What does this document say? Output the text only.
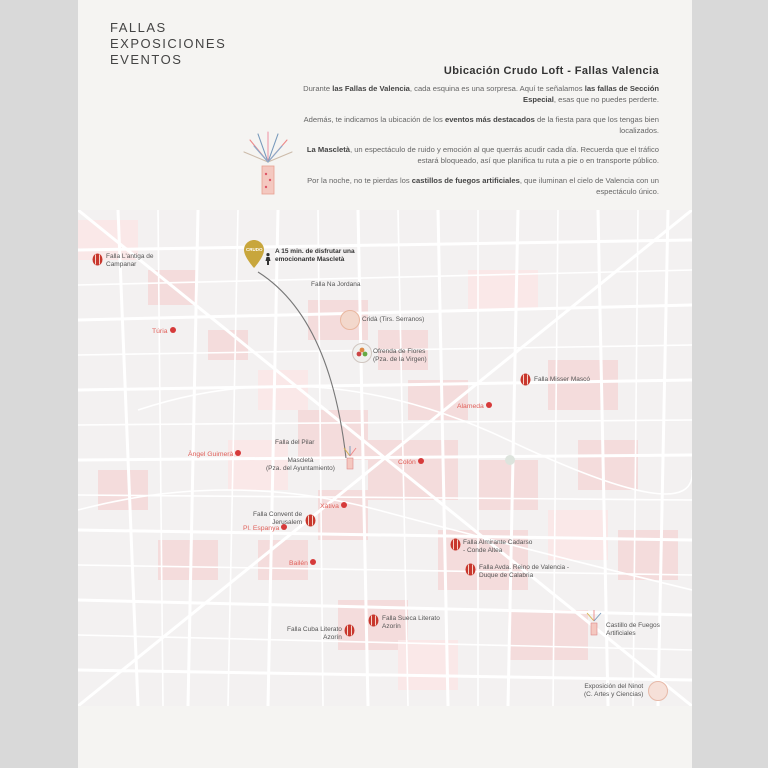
FALLAS
EXPOSICIONES
EVENTOS
Ubicación Crudo Loft - Fallas Valencia
Durante las Fallas de Valencia, cada esquina es una sorpresa. Aquí te señalamos las fallas de Sección Especial, esas que no puedes perderte.
Además, te indicamos la ubicación de los eventos más destacados de la fiesta para que los tengas bien localizados.
La Mascletà, un espectáculo de ruido y emoción al que querrás acudir cada día. Recuerda que el tráfico estará bloqueado, así que planifica tu ruta a pie o en transporte público.
Por la noche, no te pierdas los castillos de fuegos artificiales, que iluminan el cielo de Valencia con un espectáculo único.
CRUDO A 15 min. de disfrutar una
emocionante Mascletà
Túria
Alameda
Àngel Guimerà
Colón
Xàtiva
Pl. Espanya
Bailén
Falla L'antiga de
Campanar
Falla Na Jordana
Falla Misser Mascó
Falla del Pilar
Falla Convent de
Jerusalem
Falla Almirante Cadarso
- Conde Altea
Falla Avda. Reino de Valencia -
Duque de Calabria
Falla Sueca Literato
Azorín
Falla Cuba Literato
Azorín
Cridà (Tirs. Serranos)
Ofrenda de Flores
(Pza. de la Virgen)
Mascletà
(Pza. del Ayuntamiento)
Castillo de Fuegos
Artificiales
Exposición del Ninot
(C. Artes y Ciencias)
